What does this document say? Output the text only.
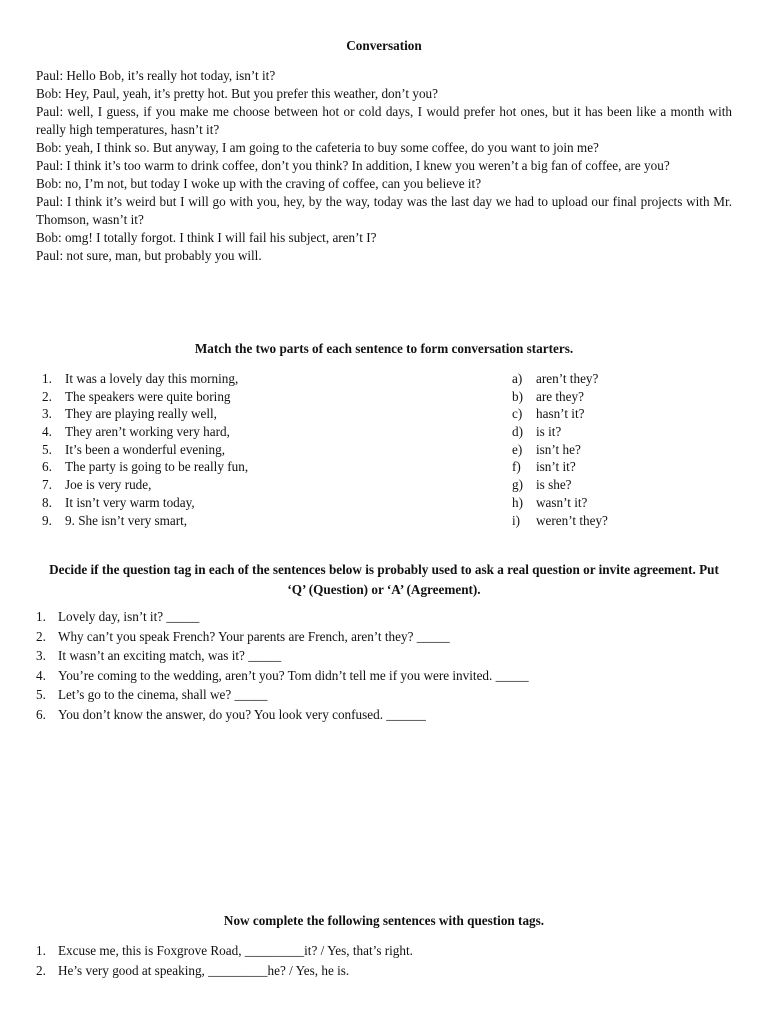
Conversation

Paul: Hello Bob, it’s really hot today, isn’t it?

Bob: Hey, Paul, yeah, it’s pretty hot. But you prefer this weather, don’t you?

Paul: well, I guess, if you make me choose between hot or cold days, I would prefer hot ones, but it has been like a month with really high temperatures, hasn’t it?

Bob: yeah, I think so. But anyway, I am going to the cafeteria to buy some coffee, do you want to join me?

Paul: I think it’s too warm to drink coffee, don’t you think? In addition, I knew you weren’t a big fan of coffee, are you?

Bob: no, I’m not, but today I woke up with the craving of coffee, can you believe it?

Paul: I think it’s weird but I will go with you, hey, by the way, today was the last day we had to upload our final projects with Mr. Thomson, wasn’t it?

Bob: omg! I totally forgot. I think I will fail his subject, aren’t I?

Paul: not sure, man, but probably you will.

Match the two parts of each sentence to form conversation starters.
1. It was a lovely day this morning,	a)	aren’t they?
2. The speakers were quite boring	b) are they?
3. They are playing really well,	c)	hasn’t it?
4. They aren’t working very hard,	d) is it?
5. It’s been a wonderful evening,	e)	isn’t he?
6. The party is going to be really fun,	f)	isn’t it?
7. Joe is very rude,	g) is she?
8. It isn’t very warm today,	h) wasn’t it?
9. 9. She isn’t very smart,	i)	weren’t they?
Decide if the question tag in each of the sentences below is probably used to ask a real question or invite agreement. Put ‘Q’ (Question) or ‘A’ (Agreement).
1. Lovely day, isn’t it? _____
2. Why can’t you speak French? Your parents are French, aren’t they? _____
3. It wasn’t an exciting match, was it? _____
4. You’re coming to the wedding, aren’t you? Tom didn’t tell me if you were invited. _____
5. Let’s go to the cinema, shall we? _____
6. You don’t know the answer, do you? You look very confused. ______
Now complete the following sentences with question tags.
1. Excuse me, this is Foxgrove Road, _________it? / Yes, that’s right.
2. He’s very good at speaking, _________he? / Yes, he is.
